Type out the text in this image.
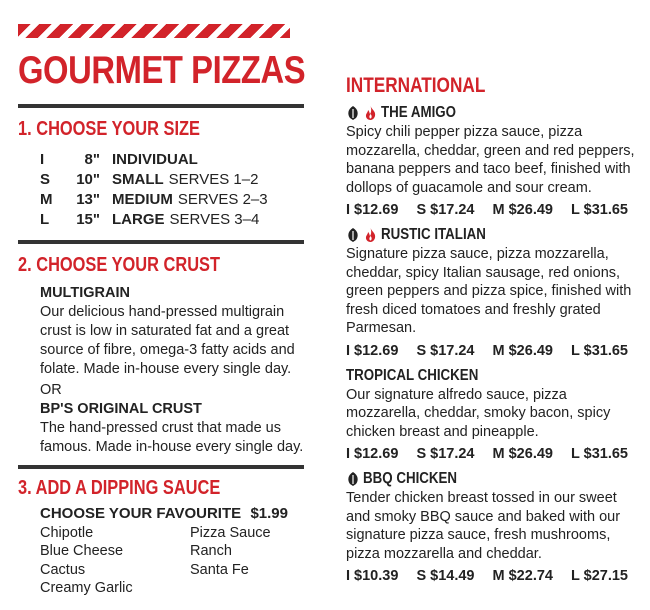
GOURMET PIZZAS
1. CHOOSE YOUR SIZE
I	8" INDIVIDUAL
S	10" SMALL SERVES 1–2
M	13" MEDIUM SERVES 2–3
L	15" LARGE SERVES 3–4
2. CHOOSE YOUR CRUST
MULTIGRAIN
Our delicious hand-pressed multigrain crust is low in saturated fat and a great source of fibre, omega-3 fatty acids and folate. Made in-house every single day.
OR
BP'S ORIGINAL CRUST
The hand-pressed crust that made us famous. Made in-house every single day.
3. ADD A DIPPING SAUCE
CHOOSE YOUR FAVOURITE $1.99
Chipotle	Pizza Sauce
Blue Cheese	Ranch
Cactus	Santa Fe
Creamy Garlic
INTERNATIONAL
THE AMIGO
Spicy chili pepper pizza sauce, pizza mozzarella, cheddar, green and red peppers, banana peppers and taco beef, finished with dollops of guacamole and sour cream.
I $12.69 S $17.24 M $26.49 L $31.65
RUSTIC ITALIAN
Signature pizza sauce, pizza mozzarella, cheddar, spicy Italian sausage, red onions, green peppers and pizza spice, finished with fresh diced tomatoes and freshly grated Parmesan.
I $12.69 S $17.24 M $26.49 L $31.65
TROPICAL CHICKEN
Our signature alfredo sauce, pizza mozzarella, cheddar, smoky bacon, spicy chicken breast and pineapple.
I $12.69 S $17.24 M $26.49 L $31.65
BBQ CHICKEN
Tender chicken breast tossed in our sweet and smoky BBQ sauce and baked with our signature pizza sauce, fresh mushrooms, pizza mozzarella and cheddar.
I $10.39 S $14.49 M $22.74 L $27.15
